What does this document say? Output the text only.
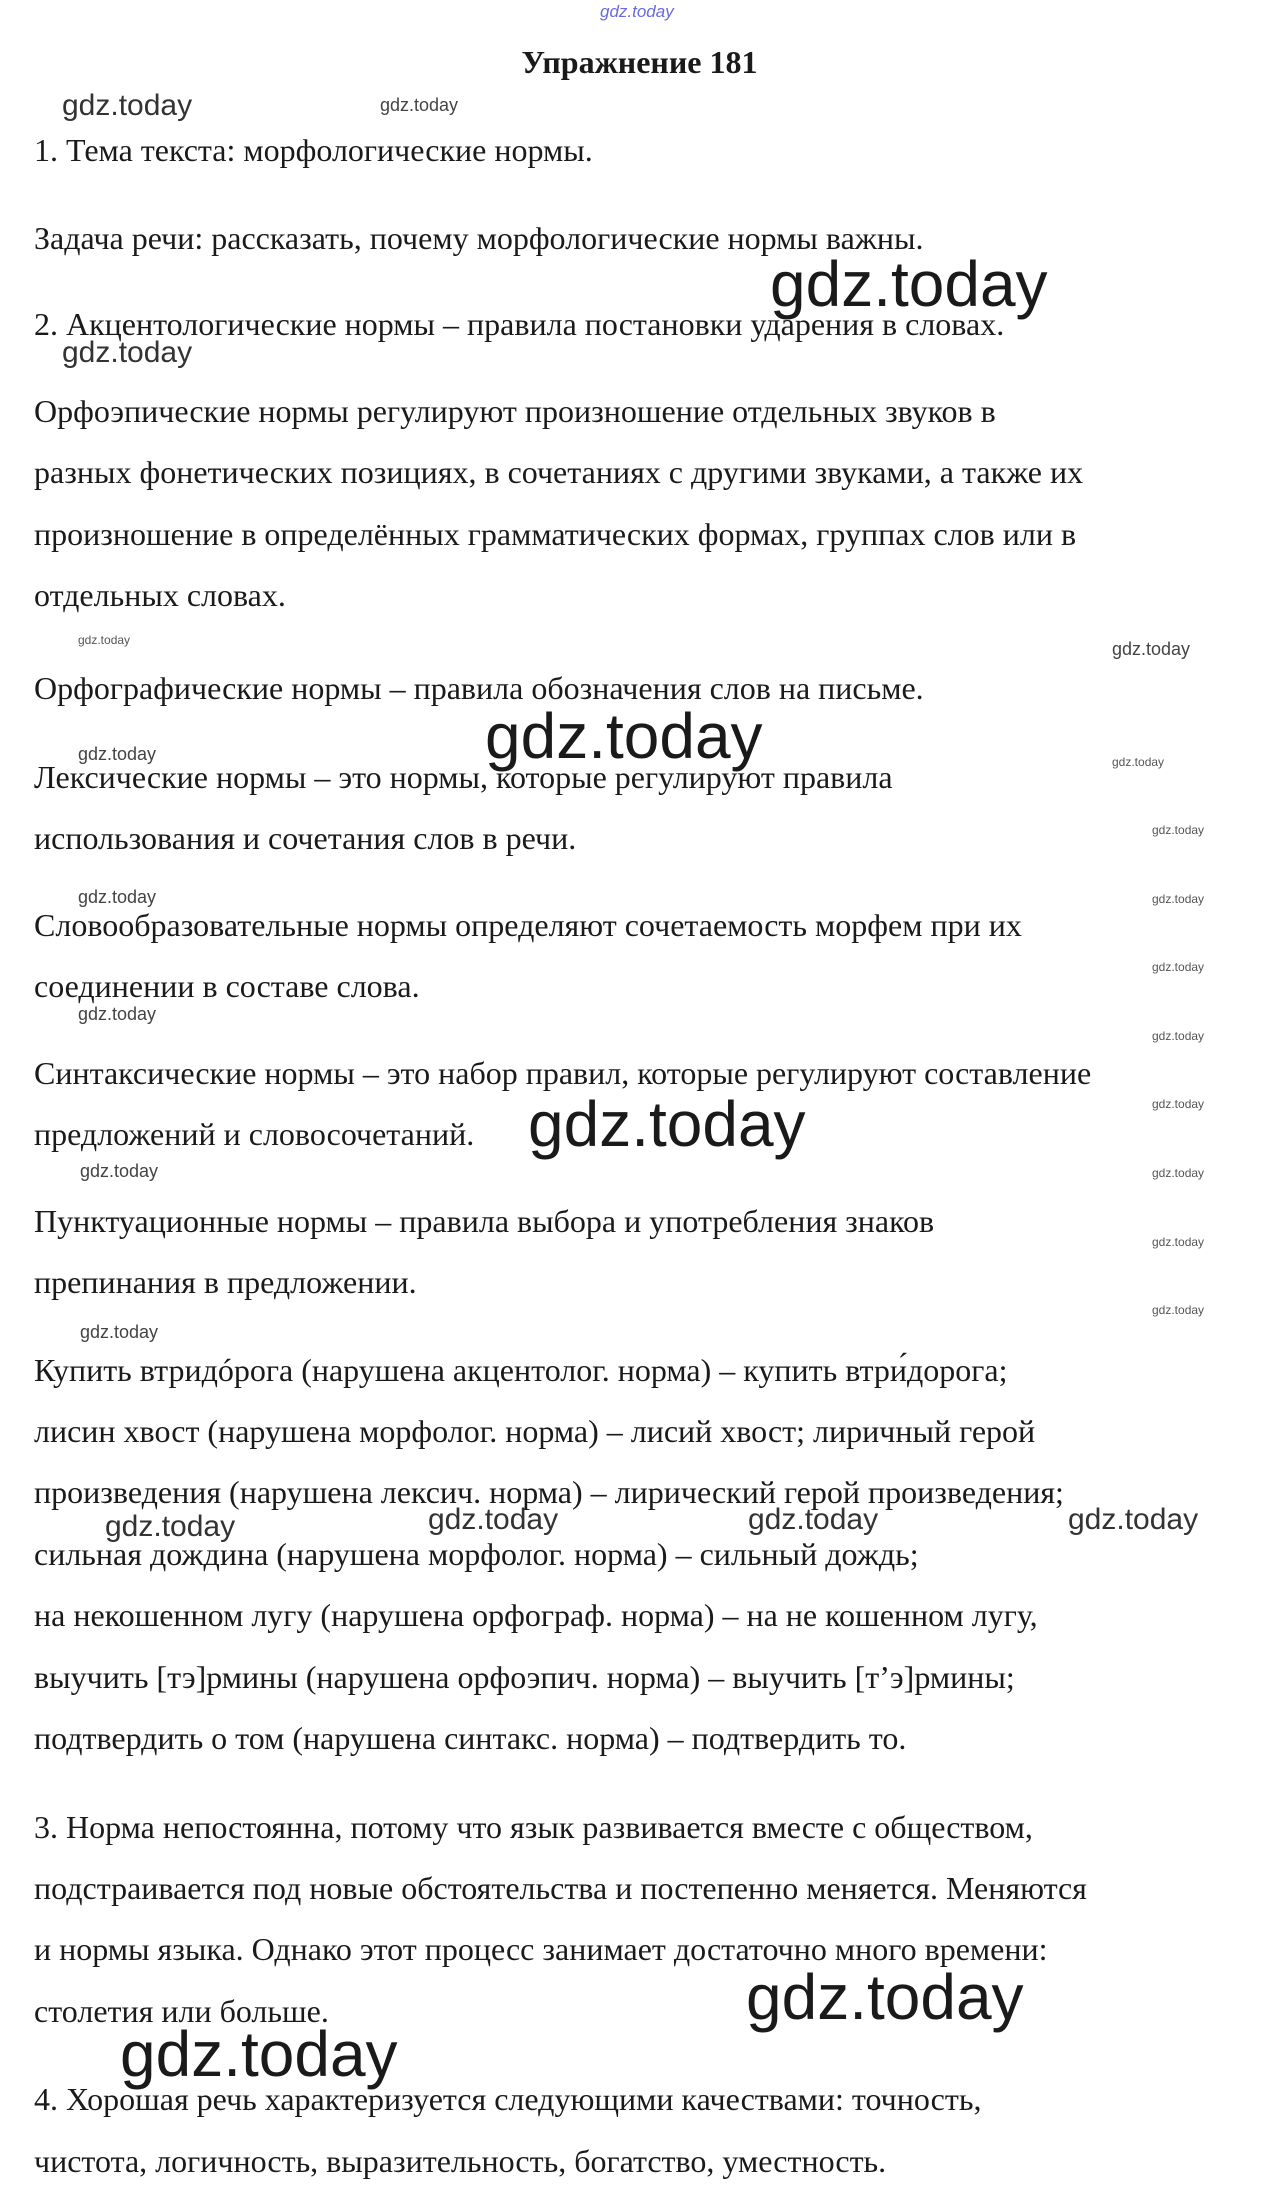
gdz.today
Упражнение 181

1. Тема текста: морфологические нормы.

Задача речи: рассказать, почему морфологические нормы важны.

2. Акцентологические нормы – правила постановки ударения в словах.

Орфоэпические нормы регулируют произношение отдельных звуков в

разных фонетических позициях, в сочетаниях с другими звуками, а также их

произношение в определённых грамматических формах, группах слов или в

отдельных словах.

Орфографические нормы – правила обозначения слов на письме.

Лексические нормы – это нормы, которые регулируют правила

использования и сочетания слов в речи.

Словообразовательные нормы определяют сочетаемость морфем при их

соединении в составе слова.

Синтаксические нормы – это набор правил, которые регулируют составление

предложений и словосочетаний.

Пунктуационные нормы – правила выбора и употребления знаков

препинания в предложении.

Купить втридóрога (нарушена акцентолог. норма) – купить втри́дорога;

лисин хвост (нарушена морфолог. норма) – лисий хвост; лиричный герой

произведения (нарушена лексич. норма) – лирический герой произведения;

сильная дождина (нарушена морфолог. норма) – сильный дождь;

на некошенном лугу (нарушена орфограф. норма) – на не кошенном лугу,

выучить [тэ]рмины (нарушена орфоэпич. норма) – выучить [т’э]рмины;

подтвердить о том (нарушена синтакс. норма) – подтвердить то.

3. Норма непостоянна, потому что язык развивается вместе с обществом,

подстраивается под новые обстоятельства и постепенно меняется. Меняются

и нормы языка. Однако этот процесс занимает достаточно много времени:

столетия или больше.

4. Хорошая речь характеризуется следующими качествами: точность,

чистота, логичность, выразительность, богатство, уместность.

gdz.today	gdz.today
gdz.today
gdz.today
gdz.today	gdz.today
gdz.today
gdz.today	gdz.today
gdz.today
gdz.today	gdz.today
gdz.today
gdz.today
gdz.today
gdz.today	gdz.today
gdz.today	gdz.today
gdz.today
gdz.today
gdz.today
gdz.today	gdz.today	gdz.today	gdz.today
gdz.today
gdz.today
